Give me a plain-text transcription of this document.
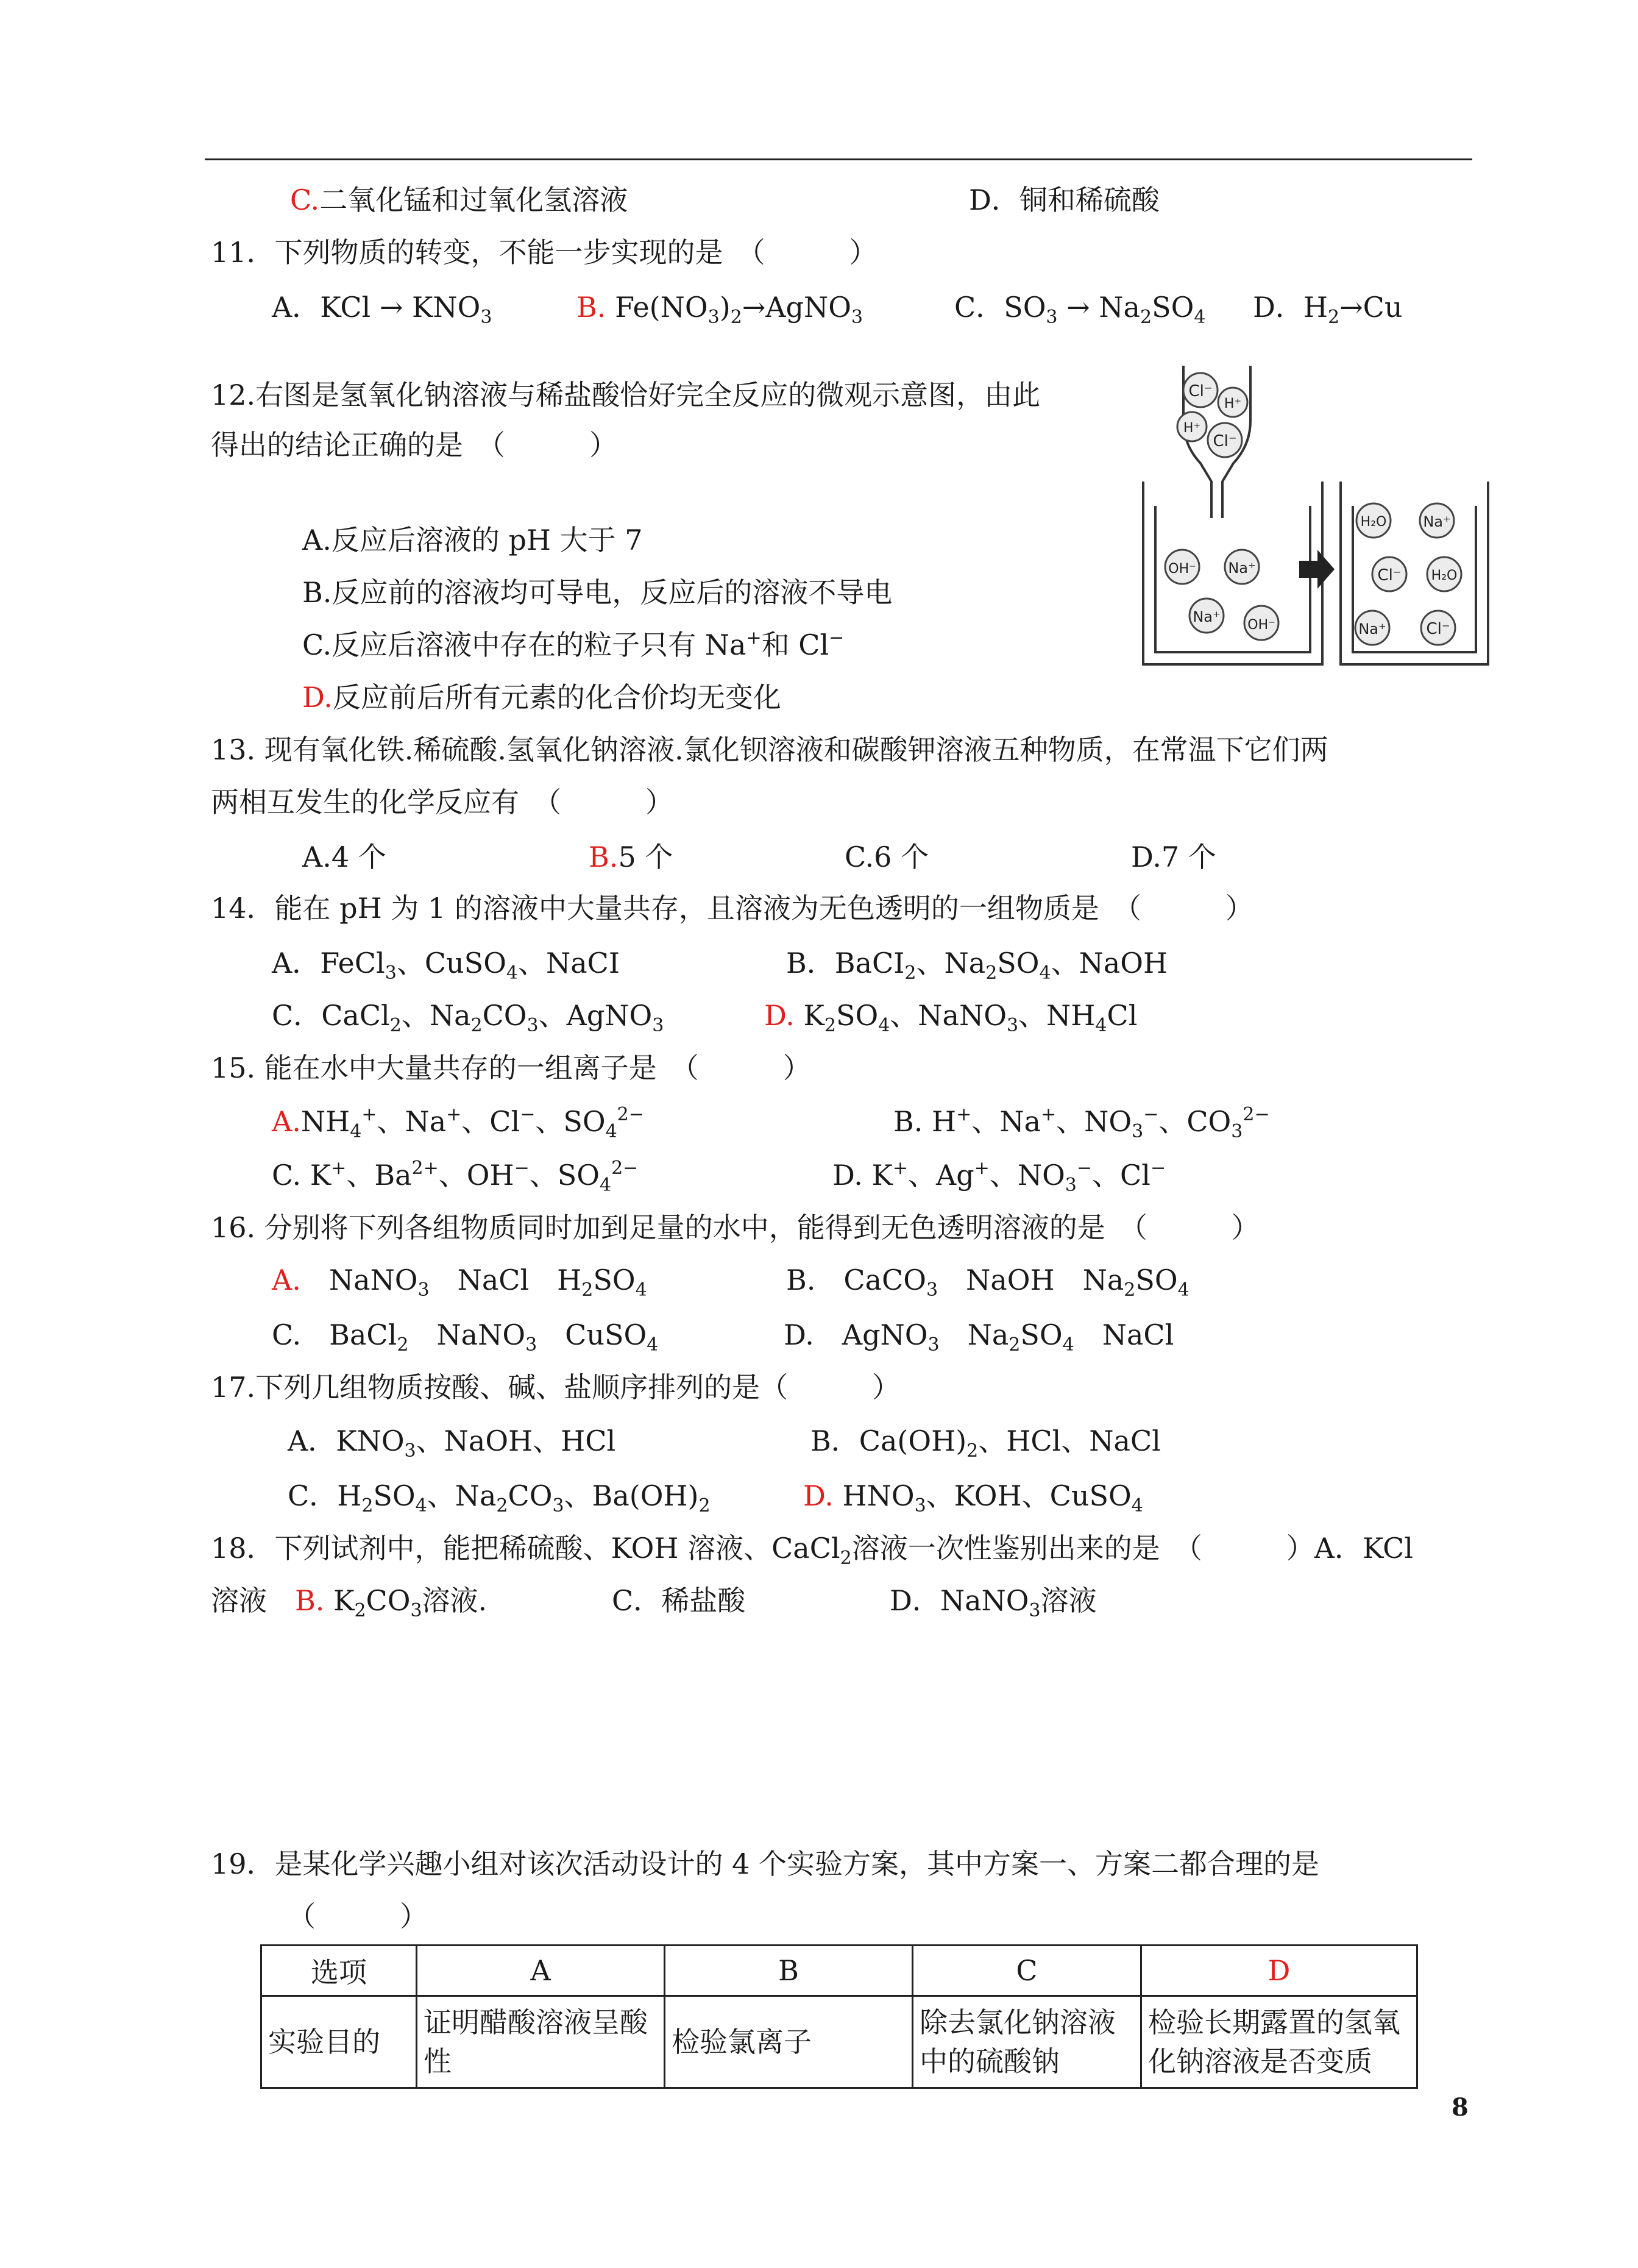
C.二氧化锰和过氧化氢溶液	D．铜和稀硫酸
11．下列物质的转变，不能一步实现的是　（　　　）
A．KCl → $KNO_3$	B. $Fe(NO_3)_2\to AgNO_3$	C．$SO_3 \to Na_2SO_4$ D．$H_2\to Cu$
12.右图是氢氧化钠溶液与稀盐酸恰好完全反应的微观示意图，由此
得出的结论正确的是　（　　　）
A.反应后溶液的 pH 大于 7
B.反应前的溶液均可导电，反应后的溶液不导电
C.反应后溶液中存在的粒子只有 Na+和 Cl−
D.反应前后所有元素的化合价均无变化
Cl⁻
H⁺
H⁺
Cl⁻
OH⁻ Na⁺
Na⁺ OH⁻
H₂O Na⁺
Cl⁻ H₂O
Na⁺	Cl⁻
13. 现有氧化铁.稀硫酸.氢氧化钠溶液.氯化钡溶液和碳酸钾溶液五种物质，在常温下它们两
两相互发生的化学反应有　（　　　）
A.4 个	B.5 个	C.6 个	D.7 个
14．能在 pH 为 1 的溶液中大量共存，且溶液为无色透明的一组物质是　（　　　）
A．FeCl$_3$、CuSO$_4$、NaCI	B．BaCI$_2$、$Na_2SO_4$、NaOH
C．CaCl$_2$、$Na_2CO_3$、AgNO$_3$	D. $K_2SO_4$、NaNO$_3$、$NH_4Cl$
15. 能在水中大量共存的一组离子是　（　　　）
$A.NH_4^+$、Na+、Cl−、$SO_4^{2-}$	B. H+、Na+、$NO_3^-$、$CO_3^{2-}$
C. K+、$Ba^{2+}$、OH−、$SO_4^{2-}$	D. K+、Ag+、$NO_3^-$、Cl−
16. 分别将下列各组物质同时加到足量的水中，能得到无色透明溶液的是　（　　　）
A.　 NaNO$_3$　NaCl　$H_2SO_4$	B.　CaCO$_3$　NaOH　$Na_2SO_4$
C.　BaCl$_2$　NaNO$_3$　CuSO$_4$	D.　AgNO$_3$　$Na_2SO_4$　NaCl
17.下列几组物质按酸、碱、盐顺序排列的是（　　　）
A．$KNO_3$、NaOH、HCl	B．$Ca(OH)_2$、HCl、NaCl
C．$H_2SO_4$、$Na_2CO_3$、$Ba(OH)_2$	D. $HNO_3$、KOH、CuSO$_4$
18．下列试剂中，能把稀硫酸、KOH 溶液、CaCl$_2$溶液一次性鉴别出来的是　（　　　）A．KCl
溶液　 B. $K_2CO_3$溶液.	C．稀盐酸	D．NaNO$_3$溶液
19．是某化学兴趣小组对该次活动设计的 4 个实验方案，其中方案一、方案二都合理的是
（　　　）
选项	A	B	C	D
实验目的	证明醋酸溶液呈酸性	检验氯离子	除去氯化钠溶液中的硫酸钠	检验长期露置的氢氧化钠溶液是否变质
8
